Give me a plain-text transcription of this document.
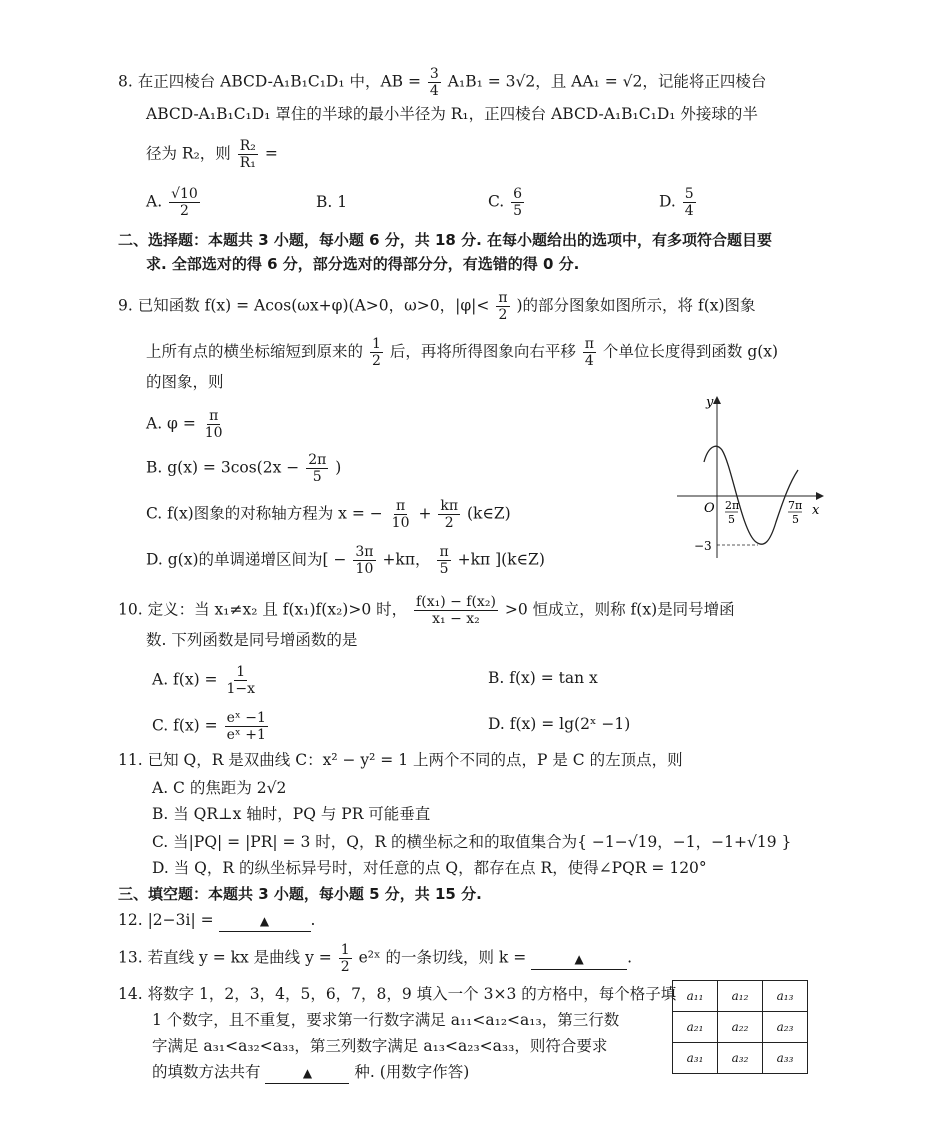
8. 在正四棱台 ABCD-A₁B₁C₁D₁ 中，AB = $\frac{3}{4} A_1B_1 = 3√2$，且 AA₁ = √2，记能将正四棱台
ABCD-A₁B₁C₁D₁ 罩住的半球的最小半径为 R₁，正四棱台 ABCD-A₁B₁C₁D₁ 外接球的半
径为 R₂，则 $\frac{\text{R₂}}{\text{R₁}}$ =
A. $\frac{√10}{2}$	B. 1	C. $\frac{6}{5}$	D. $\frac{5}{4}$
二、选择题：本题共 3 小题，每小题 6 分，共 18 分. 在每小题给出的选项中，有多项符合题目要
求. 全部选对的得 6 分，部分选对的得部分分，有选错的得 0 分.
9. 已知函数 f(x) = Acos(ωx+φ)(A>0，ω>0，$|\varphi|< \frac{\pi}{2}$ )的部分图象如图所示，将 f(x)图象
上所有点的横坐标缩短到原来的 $\frac{1}{2}$ 后，再将所得图象向右平移 $\frac{\pi}{4}$ 个单位长度得到函数 g(x)
的图象，则
A. $\varphi = \frac{\pi}{10}$
B. $g(x) = 3\cos(2x - \frac{2\pi}{5}$ )
C. f(x)图象的对称轴方程为 x = − $\frac{\pi}{10} + \frac{k\pi}{2}$ (k∈Z)
D. g(x)的单调递增区间为[ − $\frac{3\pi}{10} +k\pi$， $\frac{\pi}{5} +k\pi$ ](k∈Z)
y
x
O
−3
2π
5
7π
5
10. 定义：当 x₁≠x₂ 且 f(x₁)f(x₂)>0 时， $\frac{\text{f(x₁) − f(x₂)}}{\text{x₁ − x₂}} >0$ 恒成立，则称 f(x)是同号增函
数. 下列函数是同号增函数的是
A. $f(x) = \frac{1}{1-x}$	B. f(x) = tan x
C. $f(x) = \frac{\text{eˣ −1}}{\text{eˣ +1}}$	D. f(x) = lg(2ˣ −1)
11. 已知 Q，R 是双曲线 C：x² − y² = 1 上两个不同的点，P 是 C 的左顶点，则
A. C 的焦距为 2√2
B. 当 QR⊥x 轴时，PQ 与 PR 可能垂直
C. 当|PQ| = |PR| = 3 时，Q，R 的横坐标之和的取值集合为{ −1−√19，−1，−1+√19 }
D. 当 Q，R 的纵坐标异号时，对任意的点 Q，都存在点 R，使得∠PQR = 120°
三、填空题：本题共 3 小题，每小题 5 分，共 15 分.
12. |2−3i| =	▲	.
13. 若直线 y = kx 是曲线 $y = \frac{1}{2}$ e²ˣ 的一条切线，则 k =	▲	.
14. 将数字 1，2，3，4，5，6，7，8，9 填入一个 3×3 的方格中，每个格子填
1 个数字，且不重复，要求第一行数字满足 a₁₁<a₁₂<a₁₃，第三行数
字满足 a₃₁<a₃₂<a₃₃，第三列数字满足 a₁₃<a₂₃<a₃₃，则符合要求
的填数方法共有	▲	种. (用数字作答)
a₁₁	a₁₂	a₁₃
a₂₁	a₂₂	a₂₃
a₃₁	a₃₂	a₃₃
